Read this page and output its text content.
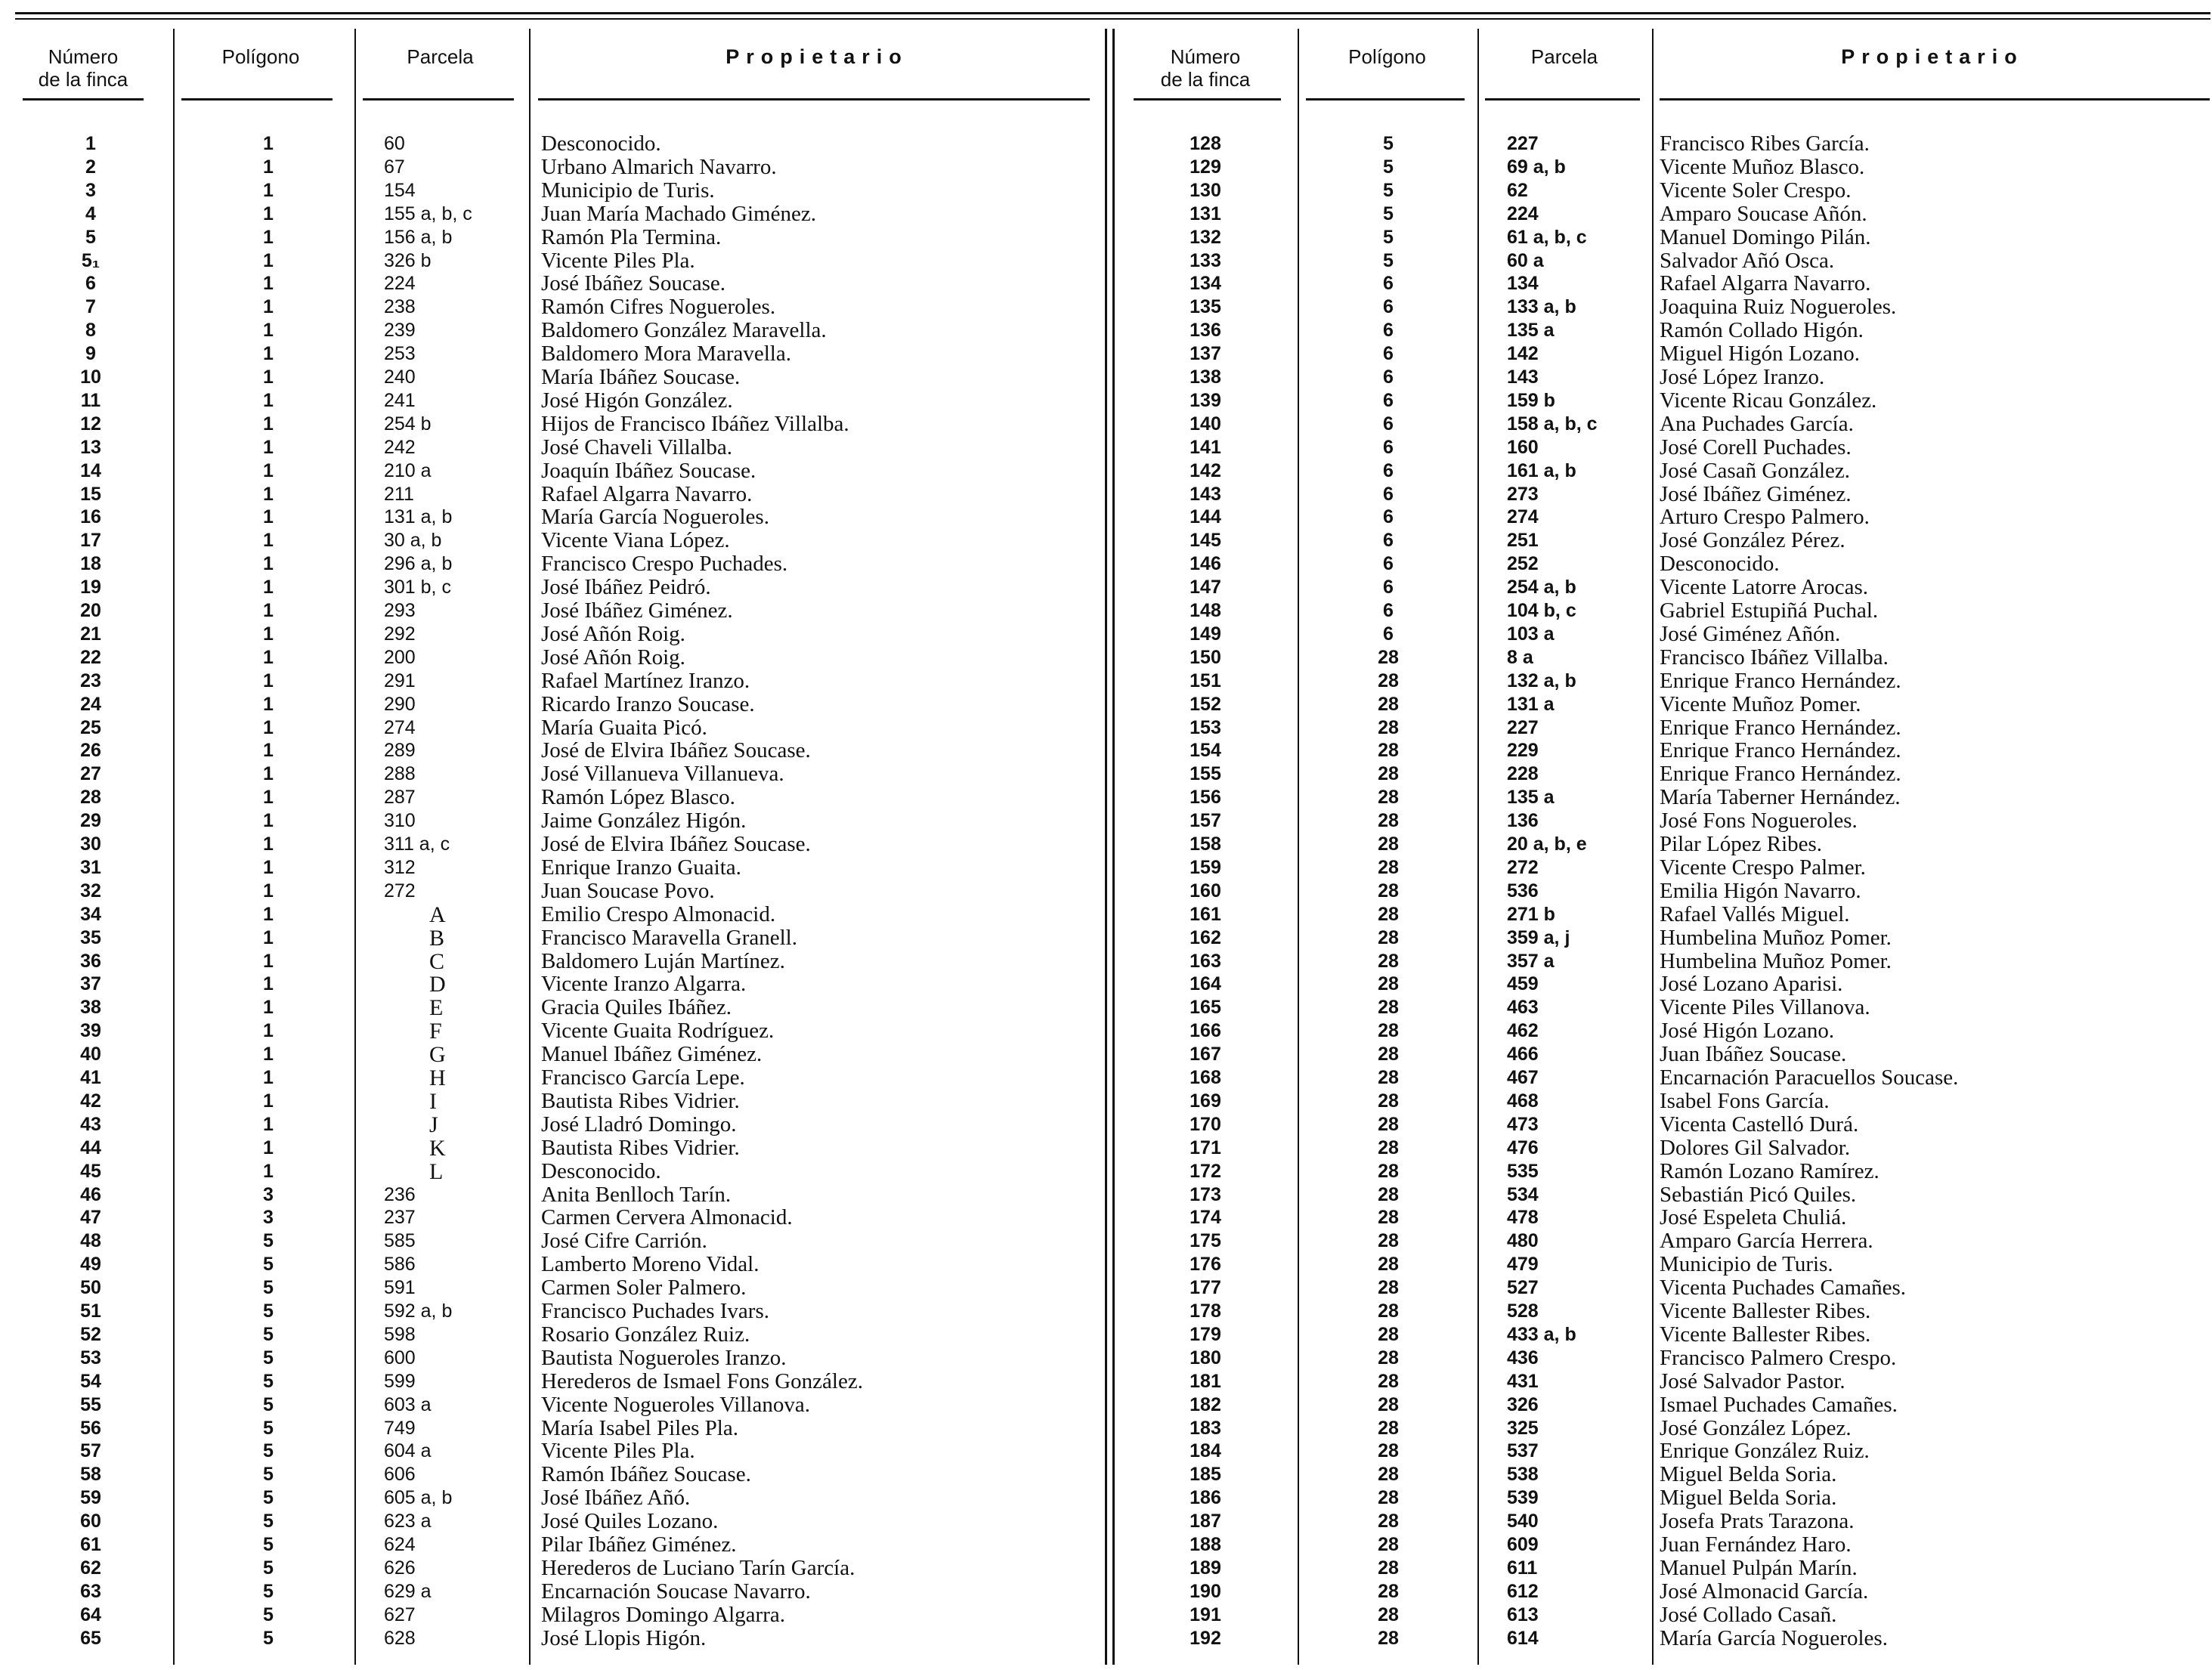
Número
de la finca
Polígono	Parcela	Propietario	Número
de la finca
Polígono	Parcela	Propietario
1	1	60	Desconocido.
2	1	67	Urbano Almarich Navarro.
3	1	154	Municipio de Turis.
4	1	155 a, b, c	Juan María Machado Giménez.
5	1	156 a, b	Ramón Pla Termina.
5₁	1	326 b	Vicente Piles Pla.
6	1	224	José Ibáñez Soucase.
7	1	238	Ramón Cifres Nogueroles.
8	1	239	Baldomero González Maravella.
9	1	253	Baldomero Mora Maravella.
10	1	240	María Ibáñez Soucase.
11	1	241	José Higón González.
12	1	254 b	Hijos de Francisco Ibáñez Villalba.
13	1	242	José Chaveli Villalba.
14	1	210 a	Joaquín Ibáñez Soucase.
15	1	211	Rafael Algarra Navarro.
16	1	131 a, b	María García Nogueroles.
17	1	30 a, b	Vicente Viana López.
18	1	296 a, b	Francisco Crespo Puchades.
19	1	301 b, c	José Ibáñez Peidró.
20	1	293	José Ibáñez Giménez.
21	1	292	José Añón Roig.
22	1	200	José Añón Roig.
23	1	291	Rafael Martínez Iranzo.
24	1	290	Ricardo Iranzo Soucase.
25	1	274	María Guaita Picó.
26	1	289	José de Elvira Ibáñez Soucase.
27	1	288	José Villanueva Villanueva.
28	1	287	Ramón López Blasco.
29	1	310	Jaime González Higón.
30	1	311 a, c	José de Elvira Ibáñez Soucase.
31	1	312	Enrique Iranzo Guaita.
32	1	272	Juan Soucase Povo.
34	1	A	Emilio Crespo Almonacid.
35	1	B	Francisco Maravella Granell.
36	1	C	Baldomero Luján Martínez.
37	1	D	Vicente Iranzo Algarra.
38	1	E	Gracia Quiles Ibáñez.
39	1	F	Vicente Guaita Rodríguez.
40	1	G	Manuel Ibáñez Giménez.
41	1	H	Francisco García Lepe.
42	1	I	Bautista Ribes Vidrier.
43	1	J	José Lladró Domingo.
44	1	K	Bautista Ribes Vidrier.
45	1	L	Desconocido.
46	3	236	Anita Benlloch Tarín.
47	3	237	Carmen Cervera Almonacid.
48	5	585	José Cifre Carrión.
49	5	586	Lamberto Moreno Vidal.
50	5	591	Carmen Soler Palmero.
51	5	592 a, b	Francisco Puchades Ivars.
52	5	598	Rosario González Ruiz.
53	5	600	Bautista Nogueroles Iranzo.
54	5	599	Herederos de Ismael Fons González.
55	5	603 a	Vicente Nogueroles Villanova.
56	5	749	María Isabel Piles Pla.
57	5	604 a	Vicente Piles Pla.
58	5	606	Ramón Ibáñez Soucase.
59	5	605 a, b	José Ibáñez Añó.
60	5	623 a	José Quiles Lozano.
61	5	624	Pilar Ibáñez Giménez.
62	5	626	Herederos de Luciano Tarín García.
63	5	629 a	Encarnación Soucase Navarro.
64	5	627	Milagros Domingo Algarra.
65	5	628	José Llopis Higón.
128	5	227	Francisco Ribes García.
129	5	69 a, b	Vicente Muñoz Blasco.
130	5	62	Vicente Soler Crespo.
131	5	224	Amparo Soucase Añón.
132	5	61 a, b, c	Manuel Domingo Pilán.
133	5	60 a	Salvador Añó Osca.
134	6	134	Rafael Algarra Navarro.
135	6	133 a, b	Joaquina Ruiz Nogueroles.
136	6	135 a	Ramón Collado Higón.
137	6	142	Miguel Higón Lozano.
138	6	143	José López Iranzo.
139	6	159 b	Vicente Ricau González.
140	6	158 a, b, c	Ana Puchades García.
141	6	160	José Corell Puchades.
142	6	161 a, b	José Casañ González.
143	6	273	José Ibáñez Giménez.
144	6	274	Arturo Crespo Palmero.
145	6	251	José González Pérez.
146	6	252	Desconocido.
147	6	254 a, b	Vicente Latorre Arocas.
148	6	104 b, c	Gabriel Estupiñá Puchal.
149	6	103 a	José Giménez Añón.
150	28	8 a	Francisco Ibáñez Villalba.
151	28	132 a, b	Enrique Franco Hernández.
152	28	131 a	Vicente Muñoz Pomer.
153	28	227	Enrique Franco Hernández.
154	28	229	Enrique Franco Hernández.
155	28	228	Enrique Franco Hernández.
156	28	135 a	María Taberner Hernández.
157	28	136	José Fons Nogueroles.
158	28	20 a, b, e	Pilar López Ribes.
159	28	272	Vicente Crespo Palmer.
160	28	536	Emilia Higón Navarro.
161	28	271 b	Rafael Vallés Miguel.
162	28	359 a, j	Humbelina Muñoz Pomer.
163	28	357 a	Humbelina Muñoz Pomer.
164	28	459	José Lozano Aparisi.
165	28	463	Vicente Piles Villanova.
166	28	462	José Higón Lozano.
167	28	466	Juan Ibáñez Soucase.
168	28	467	Encarnación Paracuellos Soucase.
169	28	468	Isabel Fons García.
170	28	473	Vicenta Castelló Durá.
171	28	476	Dolores Gil Salvador.
172	28	535	Ramón Lozano Ramírez.
173	28	534	Sebastián Picó Quiles.
174	28	478	José Espeleta Chuliá.
175	28	480	Amparo García Herrera.
176	28	479	Municipio de Turis.
177	28	527	Vicenta Puchades Camañes.
178	28	528	Vicente Ballester Ribes.
179	28	433 a, b	Vicente Ballester Ribes.
180	28	436	Francisco Palmero Crespo.
181	28	431	José Salvador Pastor.
182	28	326	Ismael Puchades Camañes.
183	28	325	José González López.
184	28	537	Enrique González Ruiz.
185	28	538	Miguel Belda Soria.
186	28	539	Miguel Belda Soria.
187	28	540	Josefa Prats Tarazona.
188	28	609	Juan Fernández Haro.
189	28	611	Manuel Pulpán Marín.
190	28	612	José Almonacid García.
191	28	613	José Collado Casañ.
192	28	614	María García Nogueroles.
